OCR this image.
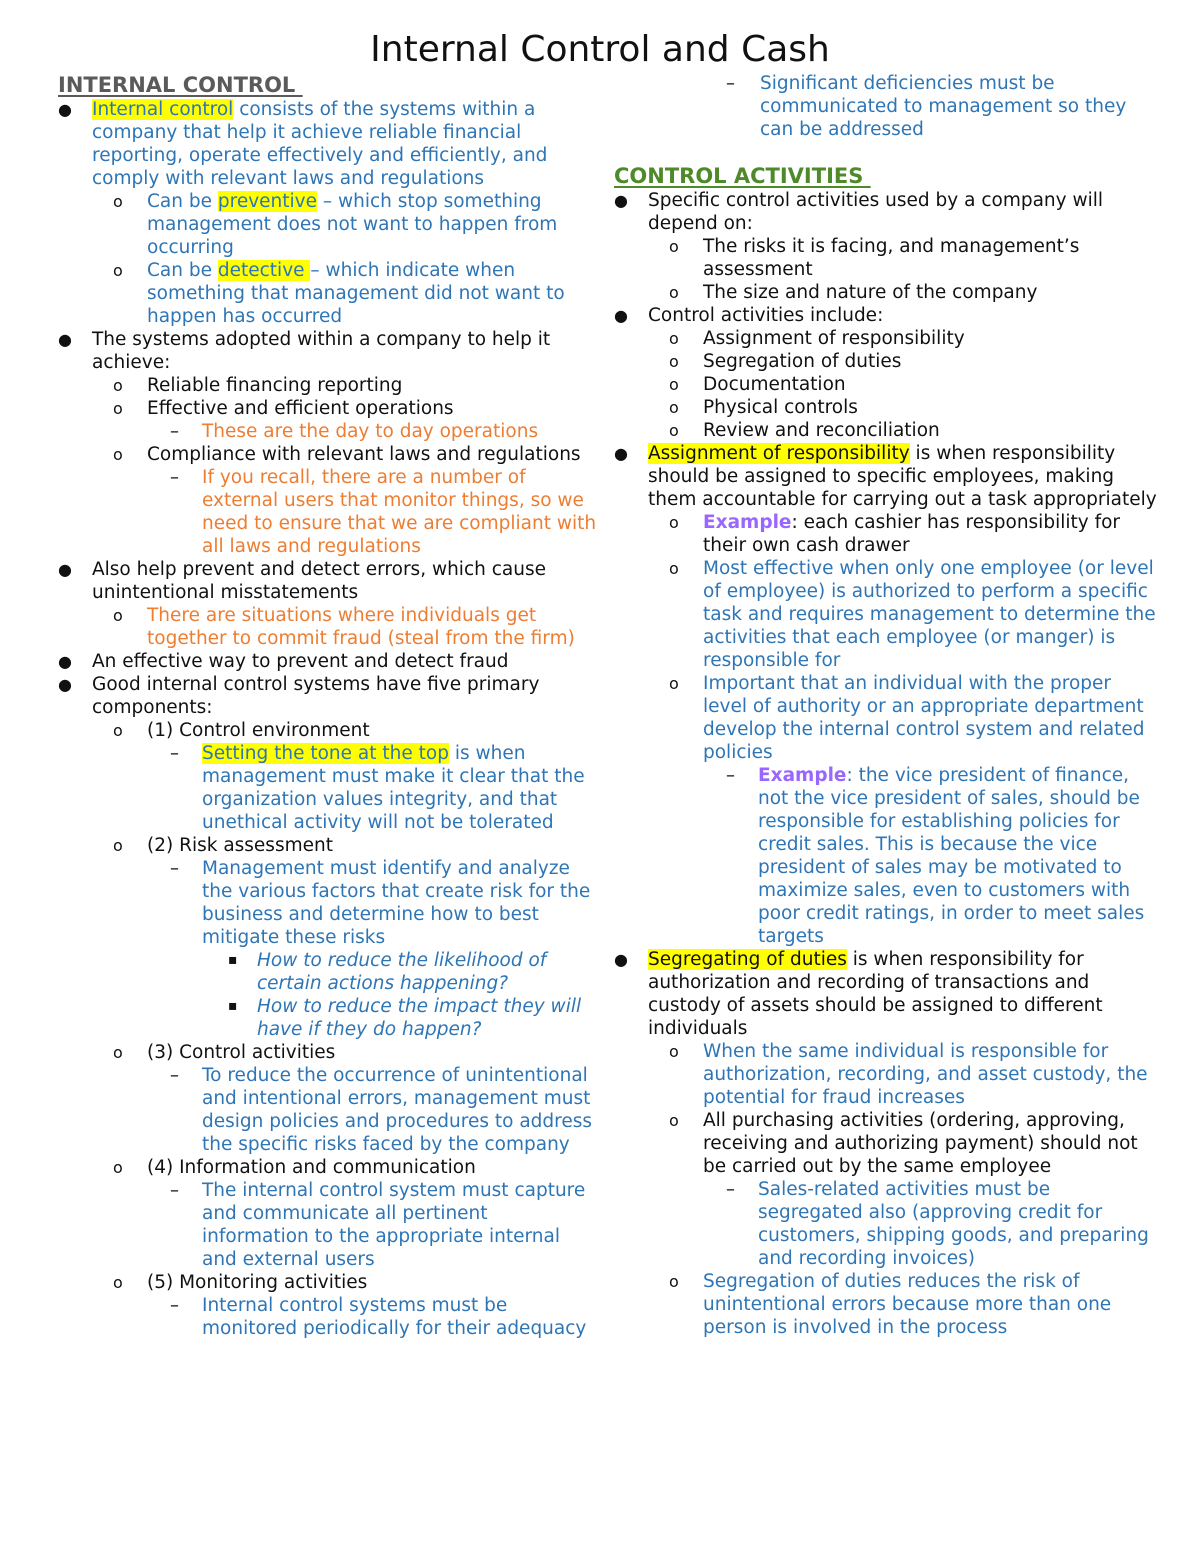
Internal Control and Cash

INTERNAL CONTROL

● Internal control consists of the systems within a company that help it achieve reliable financial reporting, operate effectively and efficiently, and comply with relevant laws and regulations

o Can be preventive – which stop something management does not want to happen from occurring

o Can be detective – which indicate when something that management did not want to happen has occurred

● The systems adopted within a company to help it achieve:

o Reliable financing reporting

o Effective and efficient operations

– These are the day to day operations

o Compliance with relevant laws and regulations

– If you recall, there are a number of external users that monitor things, so we need to ensure that we are compliant with all laws and regulations

● Also help prevent and detect errors, which cause unintentional misstatements

o There are situations where individuals get together to commit fraud (steal from the firm)

● An effective way to prevent and detect fraud

● Good internal control systems have five primary components:

o (1) Control environment

– Setting the tone at the top is when management must make it clear that the organization values integrity, and that unethical activity will not be tolerated

o (2) Risk assessment

– Management must identify and analyze the various factors that create risk for the business and determine how to best mitigate these risks

▪ How to reduce the likelihood of certain actions happening?

▪ How to reduce the impact they will have if they do happen?

o (3) Control activities

– To reduce the occurrence of unintentional and intentional errors, management must design policies and procedures to address the specific risks faced by the company

o (4) Information and communication

– The internal control system must capture and communicate all pertinent information to the appropriate internal and external users

o (5) Monitoring activities

– Internal control systems must be monitored periodically for their adequacy

– Significant deficiencies must be communicated to management so they can be addressed

CONTROL ACTIVITIES

● Specific control activities used by a company will depend on:

o The risks it is facing, and management’s assessment

o The size and nature of the company

● Control activities include:

o Assignment of responsibility

o Segregation of duties

o Documentation

o Physical controls

o Review and reconciliation

● Assignment of responsibility is when responsibility should be assigned to specific employees, making them accountable for carrying out a task appropriately

o Example: each cashier has responsibility for their own cash drawer

o Most effective when only one employee (or level of employee) is authorized to perform a specific task and requires management to determine the activities that each employee (or manger) is responsible for

o Important that an individual with the proper level of authority or an appropriate department develop the internal control system and related policies

– Example: the vice president of finance, not the vice president of sales, should be responsible for establishing policies for credit sales. This is because the vice president of sales may be motivated to maximize sales, even to customers with poor credit ratings, in order to meet sales targets

● Segregating of duties is when responsibility for authorization and recording of transactions and custody of assets should be assigned to different individuals

o When the same individual is responsible for authorization, recording, and asset custody, the potential for fraud increases

o All purchasing activities (ordering, approving, receiving and authorizing payment) should not be carried out by the same employee

– Sales-related activities must be segregated also (approving credit for customers, shipping goods, and preparing and recording invoices)

o Segregation of duties reduces the risk of unintentional errors because more than one person is involved in the process
